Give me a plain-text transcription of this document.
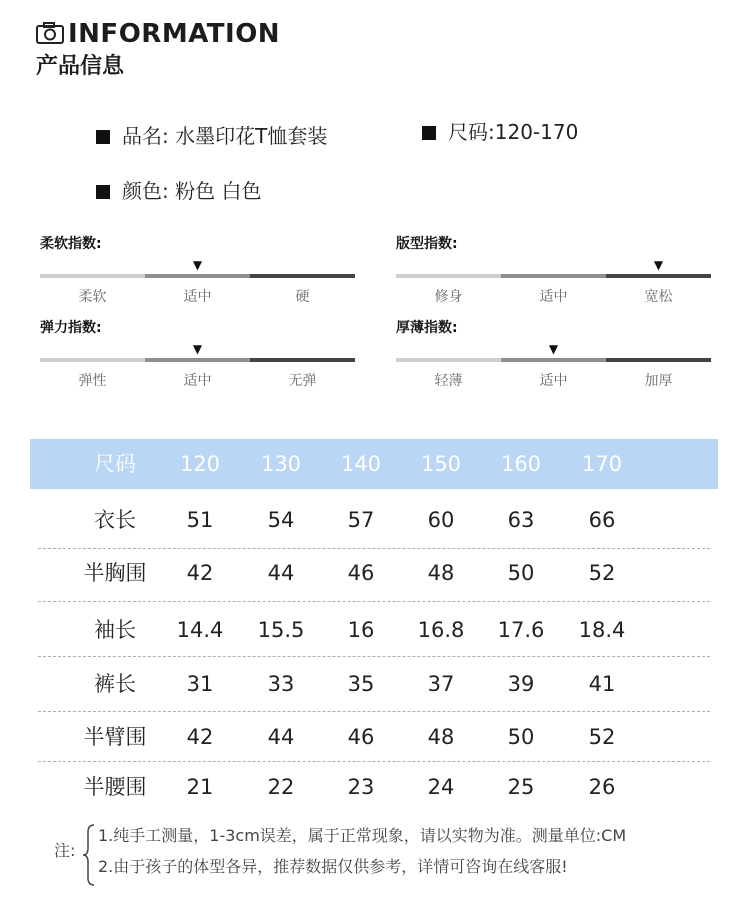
INFORMATION
产品信息
品名: 水墨印花T恤套装	尺码:120-170
颜色: 粉色 白色
柔软指数:
▼
柔软	适中	硬
版型指数:
▼
修身	适中	宽松
弹力指数:
▼
弹性	适中	无弹
厚薄指数:
▼
轻薄	适中	加厚
尺码	120	130	140	150	160	170
衣长	51	54	57	60	63	66
半胸围	42	44	46	48	50	52
袖长	14.4	15.5	16	16.8	17.6	18.4
裤长	31	33	35	37	39	41
半臂围	42	44	46	48	50	52
半腰围	21	22	23	24	25	26
注:
1.纯手工测量，1-3cm误差，属于正常现象，请以实物为准。测量单位:CM
2.由于孩子的体型各异，推荐数据仅供参考，详情可咨询在线客服!
